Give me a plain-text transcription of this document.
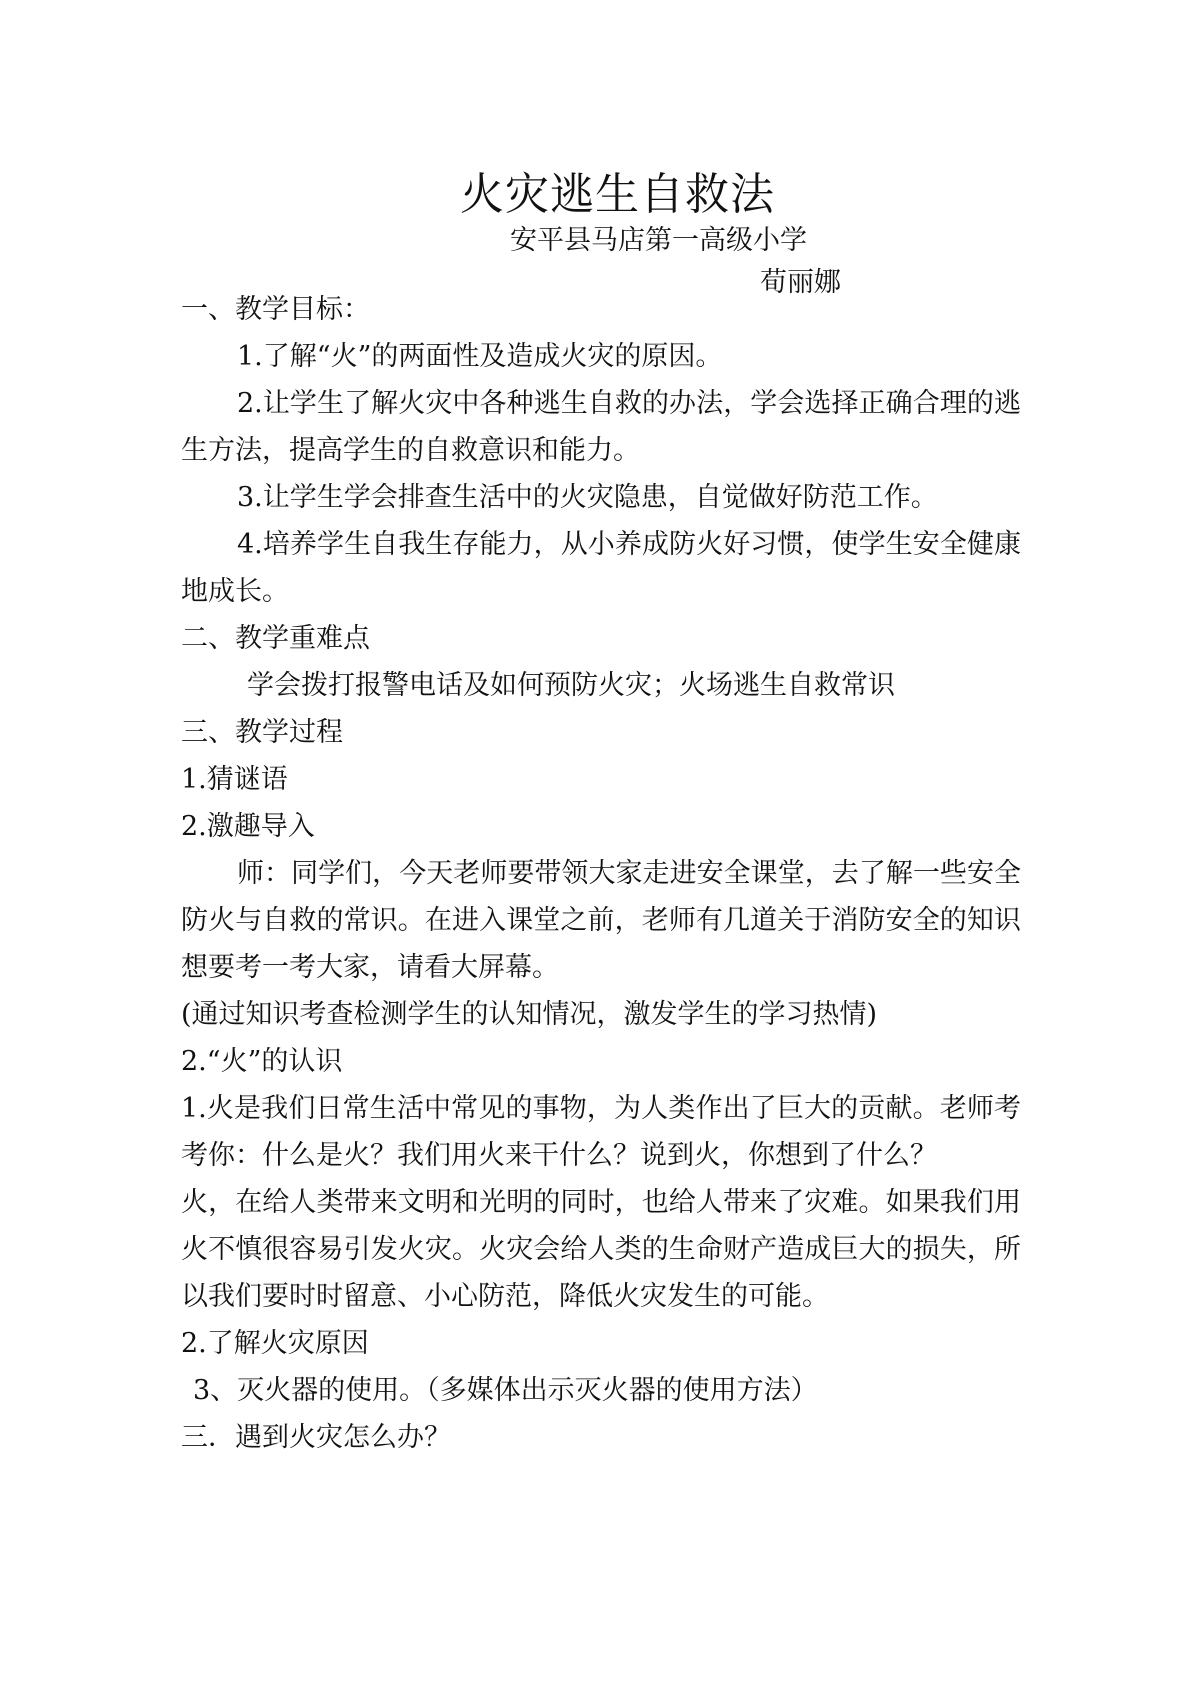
火灾逃生自救法
安平县马店第一高级小学
荀丽娜

一、教学目标：

1.了解“火”的两面性及造成火灾的原因。

2.让学生了解火灾中各种逃生自救的办法，学会选择正确合理的逃生方法，提高学生的自救意识和能力。

3.让学生学会排查生活中的火灾隐患，自觉做好防范工作。

4.培养学生自我生存能力，从小养成防火好习惯，使学生安全健康地成长。

二、教学重难点

学会拨打报警电话及如何预防火灾；火场逃生自救常识

三、教学过程

1.猜谜语

2.激趣导入

师：同学们，今天老师要带领大家走进安全课堂，去了解一些安全防火与自救的常识。在进入课堂之前，老师有几道关于消防安全的知识想要考一考大家，请看大屏幕。

(通过知识考查检测学生的认知情况，激发学生的学习热情)

2.“火”的认识

1.火是我们日常生活中常见的事物，为人类作出了巨大的贡献。老师考考你：什么是火？我们用火来干什么？说到火，你想到了什么？

火，在给人类带来文明和光明的同时，也给人带来了灾难。如果我们用火不慎很容易引发火灾。火灾会给人类的生命财产造成巨大的损失，所以我们要时时留意、小心防范，降低火灾发生的可能。

2.了解火灾原因

3、灭火器的使用。（多媒体出示灭火器的使用方法）

三．遇到火灾怎么办？
